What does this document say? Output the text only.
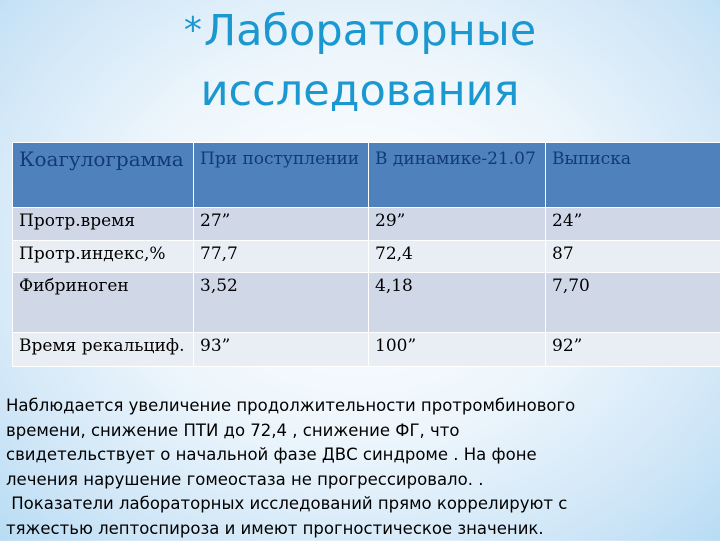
*Лабораторные
исследования
Коагулограмма	При поступлении	В динамике-21.07	Выписка
Протр.время	27”	29”	24”
Протр.индекс,%	77,7	72,4	87
Фибриноген	3,52	4,18	7,70
Время рекальциф.	93”	100”	92”

Наблюдается увеличение продолжительности протромбинового

времени, снижение ПТИ до 72,4 , снижение ФГ, что

свидетельствует о начальной фазе ДВС синдроме . На фоне

лечения нарушение гомеостаза не прогрессировало. .

Показатели лабораторных исследований прямо коррелируют с

тяжестью лептоспироза и имеют прогностическое значеник.
